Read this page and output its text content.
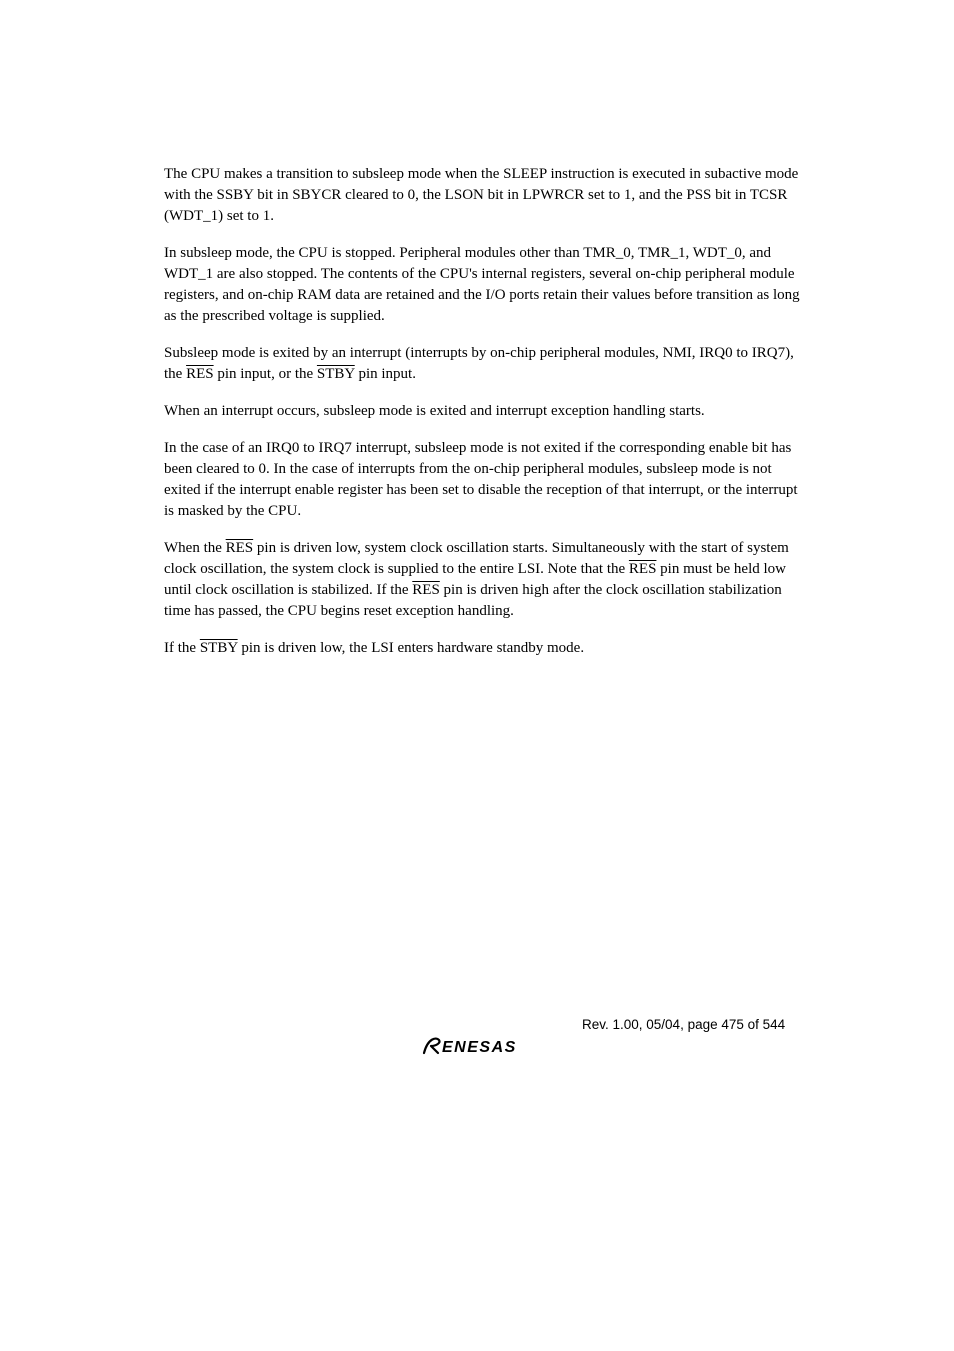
The CPU makes a transition to subsleep mode when the SLEEP instruction is executed in subactive mode with the SSBY bit in SBYCR cleared to 0, the LSON bit in LPWRCR set to 1, and the PSS bit in TCSR (WDT_1) set to 1.

In subsleep mode, the CPU is stopped. Peripheral modules other than TMR_0, TMR_1, WDT_0, and WDT_1 are also stopped. The contents of the CPU's internal registers, several on-chip peripheral module registers, and on-chip RAM data are retained and the I/O ports retain their values before transition as long as the prescribed voltage is supplied.

Subsleep mode is exited by an interrupt (interrupts by on-chip peripheral modules, NMI, IRQ0 to IRQ7), the $\overline{RES}$ pin input, or the STBY pin input.

When an interrupt occurs, subsleep mode is exited and interrupt exception handling starts.

In the case of an IRQ0 to IRQ7 interrupt, subsleep mode is not exited if the corresponding enable bit has been cleared to 0. In the case of interrupts from the on-chip peripheral modules, subsleep mode is not exited if the interrupt enable register has been set to disable the reception of that interrupt, or the interrupt is masked by the CPU.

When the $\overline{RES}$ pin is driven low, system clock oscillation starts. Simultaneously with the start of system clock oscillation, the system clock is supplied to the entire LSI. Note that the $\overline{RES}$ pin must be held low until clock oscillation is stabilized. If the $\overline{RES}$ pin is driven high after the clock oscillation stabilization time has passed, the CPU begins reset exception handling.

If the STBY pin is driven low, the LSI enters hardware standby mode.

Rev. 1.00, 05/04, page 475 of 544
ENESAS
